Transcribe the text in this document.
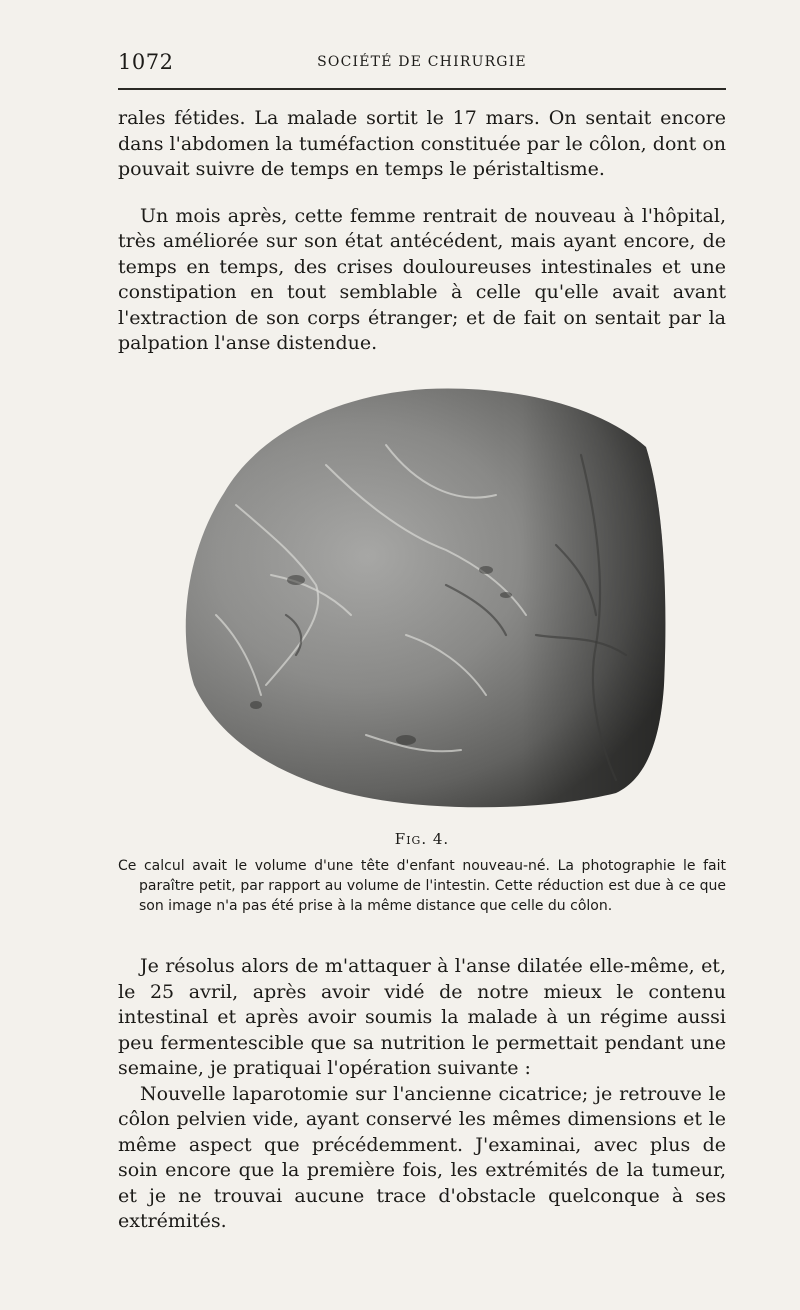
1072	SOCIÉTÉ DE CHIRURGIE

rales fétides. La malade sortit le 17 mars. On sentait encore dans l'abdomen la tuméfaction constituée par le côlon, dont on pouvait suivre de temps en temps le péristaltisme.

Un mois après, cette femme rentrait de nouveau à l'hôpital, très améliorée sur son état antécédent, mais ayant encore, de temps en temps, des crises douloureuses intestinales et une constipation en tout semblable à celle qu'elle avait avant l'extraction de son corps étranger; et de fait on sentait par la palpation l'anse distendue.

Fig. 4.

Ce calcul avait le volume d'une tête d'enfant nouveau-né. La photographie le fait paraître petit, par rapport au volume de l'intestin. Cette réduction est due à ce que son image n'a pas été prise à la même distance que celle du côlon.

Je résolus alors de m'attaquer à l'anse dilatée elle-même, et, le 25 avril, après avoir vidé de notre mieux le contenu intestinal et après avoir soumis la malade à un régime aussi peu fermentescible que sa nutrition le permettait pendant une semaine, je pratiquai l'opération suivante :

Nouvelle laparotomie sur l'ancienne cicatrice; je retrouve le côlon pelvien vide, ayant conservé les mêmes dimensions et le même aspect que précédemment. J'examinai, avec plus de soin encore que la première fois, les extrémités de la tumeur, et je ne trouvai aucune trace d'obstacle quelconque à ses extrémités.
